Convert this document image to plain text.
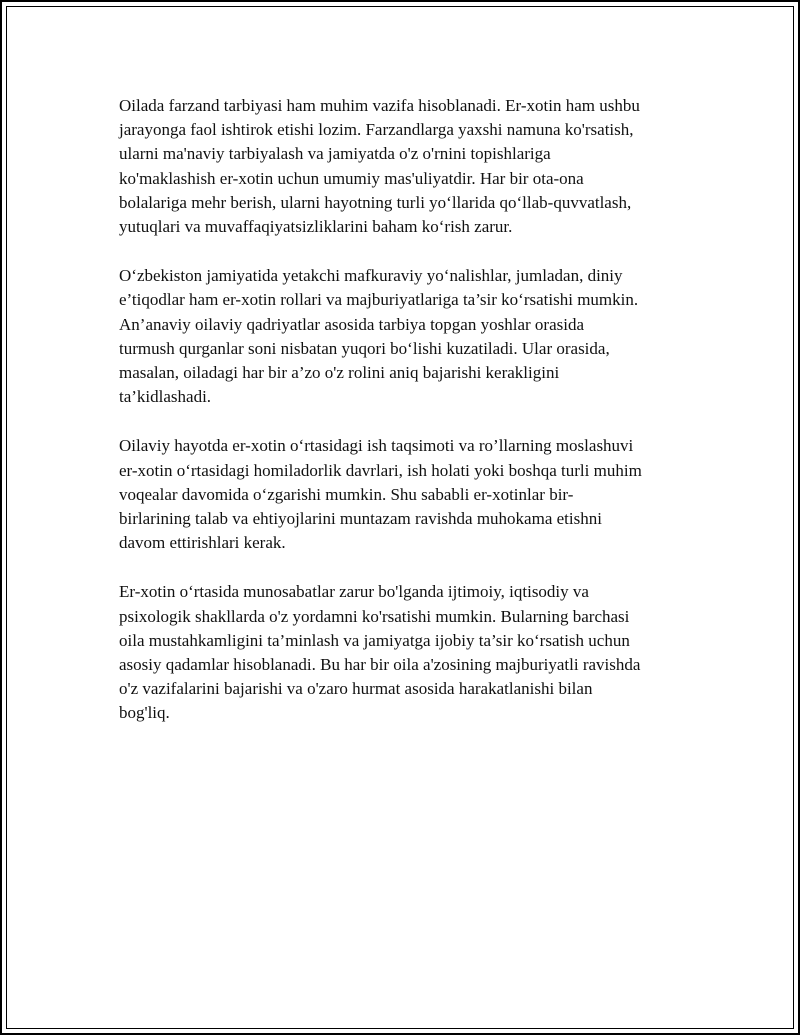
Oilada farzand tarbiyasi ham muhim vazifa hisoblanadi. Er-xotin ham ushbu
jarayonga faol ishtirok etishi lozim. Farzandlarga yaxshi namuna ko'rsatish,
ularni ma'naviy tarbiyalash va jamiyatda o'z o'rnini topishlariga
ko'maklashish er-xotin uchun umumiy mas'uliyatdir. Har bir ota-ona
bolalariga mehr berish, ularni hayotning turli yo‘llarida qo‘llab-quvvatlash,
yutuqlari va muvaffaqiyatsizliklarini baham ko‘rish zarur.

O‘zbekiston jamiyatida yetakchi mafkuraviy yo‘nalishlar, jumladan, diniy
e’tiqodlar ham er-xotin rollari va majburiyatlariga ta’sir ko‘rsatishi mumkin.
An’anaviy oilaviy qadriyatlar asosida tarbiya topgan yoshlar orasida
turmush qurganlar soni nisbatan yuqori bo‘lishi kuzatiladi. Ular orasida,
masalan, oiladagi har bir a’zo o'z rolini aniq bajarishi kerakligini
ta’kidlashadi.

Oilaviy hayotda er-xotin o‘rtasidagi ish taqsimoti va ro’llarning moslashuvi
er-xotin o‘rtasidagi homiladorlik davrlari, ish holati yoki boshqa turli muhim
voqealar davomida o‘zgarishi mumkin. Shu sababli er-xotinlar bir-
birlarining talab va ehtiyojlarini muntazam ravishda muhokama etishni
davom ettirishlari kerak.

Er-xotin o‘rtasida munosabatlar zarur bo'lganda ijtimoiy, iqtisodiy va
psixologik shakllarda o'z yordamni ko'rsatishi mumkin. Bularning barchasi
oila mustahkamligini ta’minlash va jamiyatga ijobiy ta’sir ko‘rsatish uchun
asosiy qadamlar hisoblanadi. Bu har bir oila a'zosining majburiyatli ravishda
o'z vazifalarini bajarishi va o'zaro hurmat asosida harakatlanishi bilan
bog'liq.
